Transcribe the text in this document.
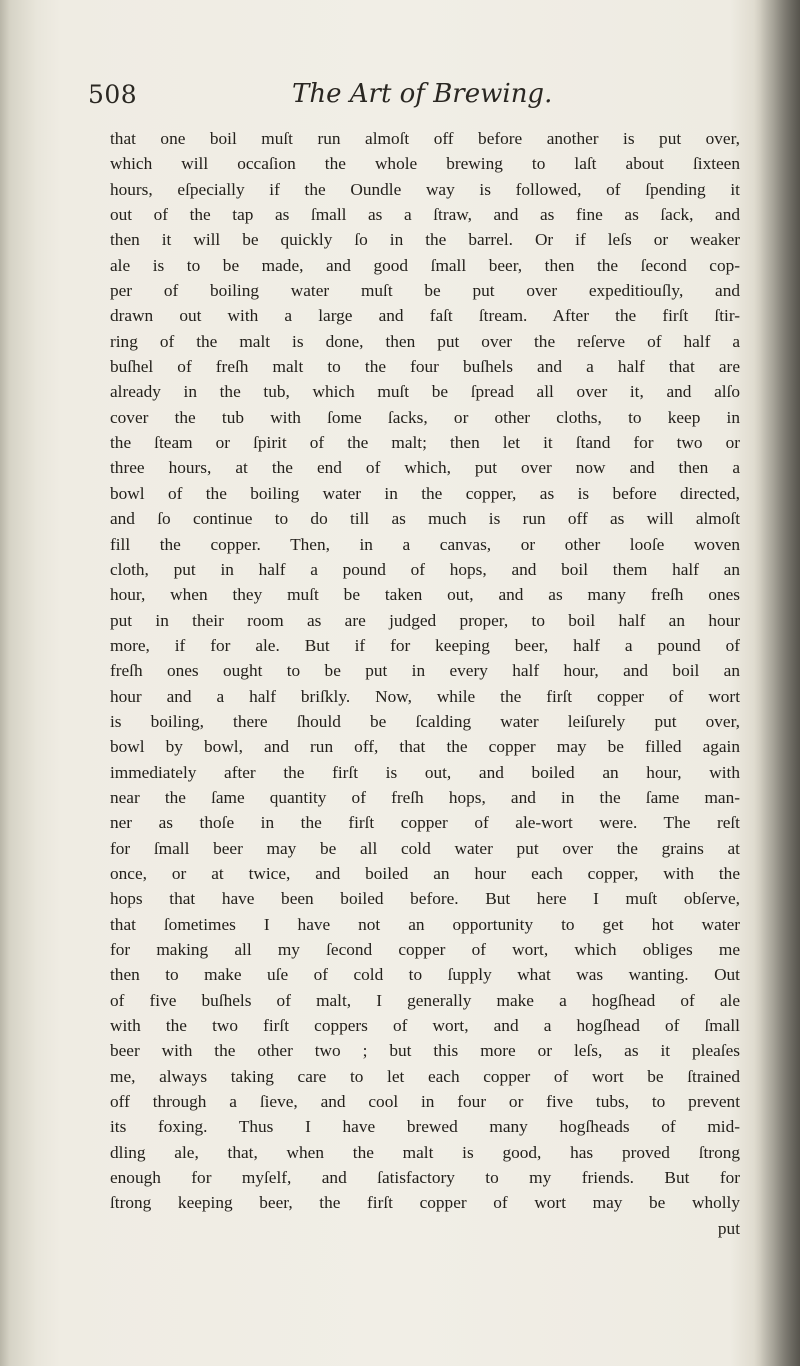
508	The Art of Brewing.
that one boil muſt run almoſt off before another is put over,
which will occaſion the whole brewing to laſt about ſixteen
hours, eſpecially if the Oundle way is followed, of ſpending it
out of the tap as ſmall as a ſtraw, and as fine as ſack, and
then it will be quickly ſo in the barrel. Or if leſs or weaker
ale is to be made, and good ſmall beer, then the ſecond cop-
per of boiling water muſt be put over expeditiouſly, and
drawn out with a large and faſt ſtream. After the firſt ſtir-
ring of the malt is done, then put over the reſerve of half a
buſhel of freſh malt to the four buſhels and a half that are
already in the tub, which muſt be ſpread all over it, and alſo
cover the tub with ſome ſacks, or other cloths, to keep in
the ſteam or ſpirit of the malt; then let it ſtand for two or
three hours, at the end of which, put over now and then a
bowl of the boiling water in the copper, as is before directed,
and ſo continue to do till as much is run off as will almoſt
fill the copper. Then, in a canvas, or other looſe woven
cloth, put in half a pound of hops, and boil them half an
hour, when they muſt be taken out, and as many freſh ones
put in their room as are judged proper, to boil half an hour
more, if for ale. But if for keeping beer, half a pound of
freſh ones ought to be put in every half hour, and boil an
hour and a half briſkly. Now, while the firſt copper of wort
is boiling, there ſhould be ſcalding water leiſurely put over,
bowl by bowl, and run off, that the copper may be filled again
immediately after the firſt is out, and boiled an hour, with
near the ſame quantity of freſh hops, and in the ſame man-
ner as thoſe in the firſt copper of ale-wort were. The reſt
for ſmall beer may be all cold water put over the grains at
once, or at twice, and boiled an hour each copper, with the
hops that have been boiled before. But here I muſt obſerve,
that ſometimes I have not an opportunity to get hot water
for making all my ſecond copper of wort, which obliges me
then to make uſe of cold to ſupply what was wanting. Out
of five buſhels of malt, I generally make a hogſhead of ale
with the two firſt coppers of wort, and a hogſhead of ſmall
beer with the other two ; but this more or leſs, as it pleaſes
me, always taking care to let each copper of wort be ſtrained
off through a ſieve, and cool in four or five tubs, to prevent
its foxing. Thus I have brewed many hogſheads of mid-
dling ale, that, when the malt is good, has proved ſtrong
enough for myſelf, and ſatisfactory to my friends. But for
ſtrong keeping beer, the firſt copper of wort may be wholly
put
